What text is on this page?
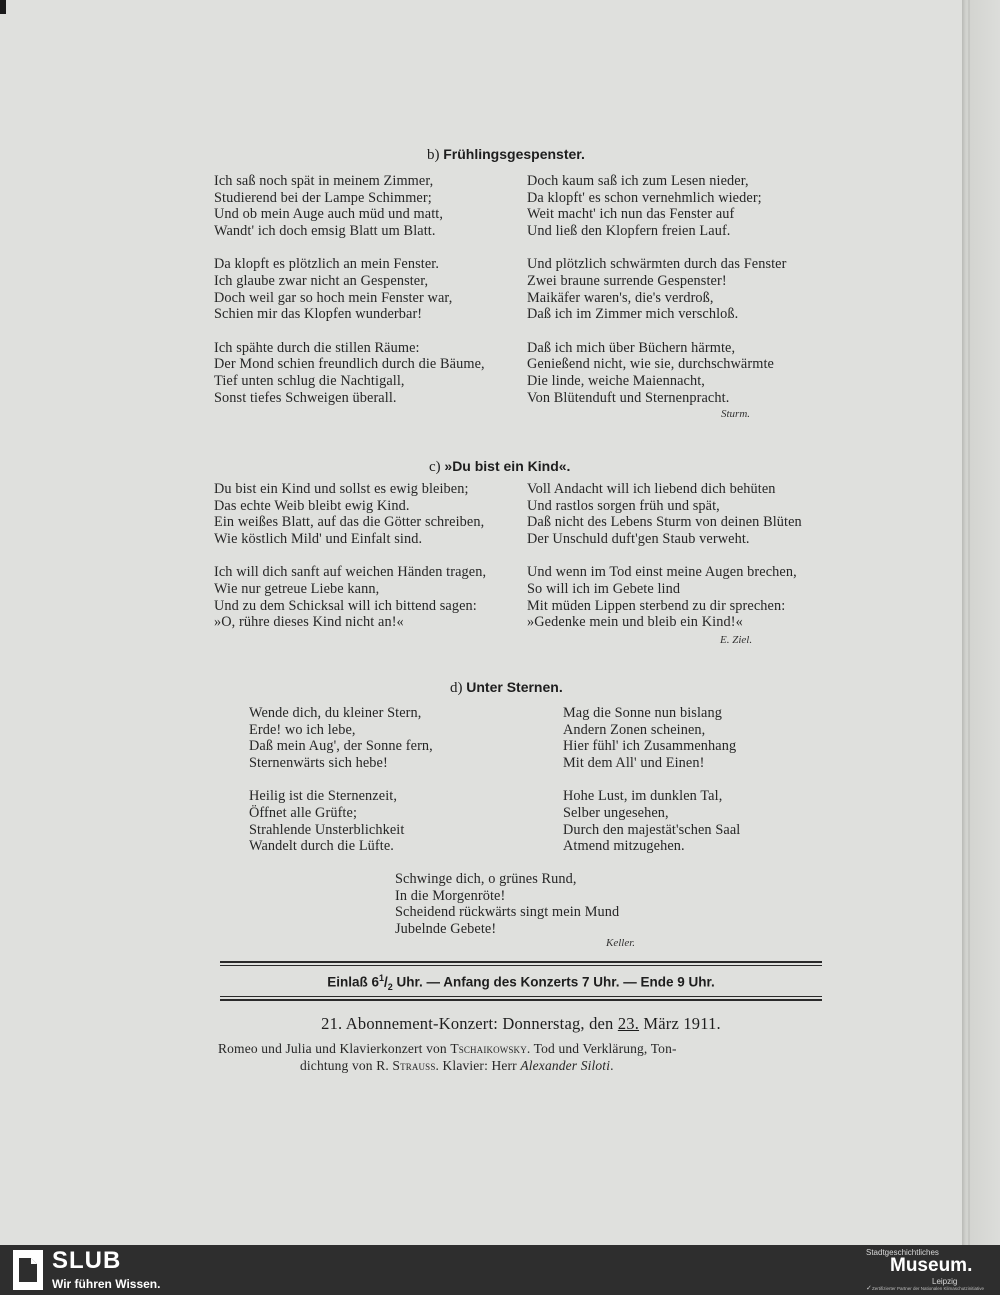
b) Frühlingsgespenster.
Ich saß noch spät in meinem Zimmer,
Studierend bei der Lampe Schimmer;
Und ob mein Auge auch müd und matt,
Wandt' ich doch emsig Blatt um Blatt.
Da klopft es plötzlich an mein Fenster.
Ich glaube zwar nicht an Gespenster,
Doch weil gar so hoch mein Fenster war,
Schien mir das Klopfen wunderbar!
Ich spähte durch die stillen Räume:
Der Mond schien freundlich durch die Bäume,
Tief unten schlug die Nachtigall,
Sonst tiefes Schweigen überall.
Doch kaum saß ich zum Lesen nieder,
Da klopft' es schon vernehmlich wieder;
Weit macht' ich nun das Fenster auf
Und ließ den Klopfern freien Lauf.
Und plötzlich schwärmten durch das Fenster
Zwei braune surrende Gespenster!
Maikäfer waren's, die's verdroß,
Daß ich im Zimmer mich verschloß.
Daß ich mich über Büchern härmte,
Genießend nicht, wie sie, durchschwärmte
Die linde, weiche Maiennacht,
Von Blütenduft und Sternenpracht.
Sturm.
c) »Du bist ein Kind«.
Du bist ein Kind und sollst es ewig bleiben;
Das echte Weib bleibt ewig Kind.
Ein weißes Blatt, auf das die Götter schreiben,
Wie köstlich Mild' und Einfalt sind.
Ich will dich sanft auf weichen Händen tragen,
Wie nur getreue Liebe kann,
Und zu dem Schicksal will ich bittend sagen:
»O, rühre dieses Kind nicht an!«
Voll Andacht will ich liebend dich behüten
Und rastlos sorgen früh und spät,
Daß nicht des Lebens Sturm von deinen Blüten
Der Unschuld duft'gen Staub verweht.
Und wenn im Tod einst meine Augen brechen,
So will ich im Gebete lind
Mit müden Lippen sterbend zu dir sprechen:
»Gedenke mein und bleib ein Kind!«
E. Ziel.
d) Unter Sternen.
Wende dich, du kleiner Stern,
Erde! wo ich lebe,
Daß mein Aug', der Sonne fern,
Sternenwärts sich hebe!
Heilig ist die Sternenzeit,
Öffnet alle Grüfte;
Strahlende Unsterblichkeit
Wandelt durch die Lüfte.
Mag die Sonne nun bislang
Andern Zonen scheinen,
Hier fühl' ich Zusammenhang
Mit dem All' und Einen!
Hohe Lust, im dunklen Tal,
Selber ungesehen,
Durch den majestät'schen Saal
Atmend mitzugehen.
Schwinge dich, o grünes Rund,
In die Morgenröte!
Scheidend rückwärts singt mein Mund
Jubelnde Gebete!
Keller.
Einlaß $6^1/_2$ Uhr. — Anfang des Konzerts 7 Uhr. — Ende 9 Uhr.
21. Abonnement-Konzert: Donnerstag, den 23. März 1911.
Romeo und Julia und Klavierkonzert von Tschaikowsky. Tod und Verklärung, Ton-
dichtung von R. Strauss. Klavier: Herr Alexander Siloti.
SLUB
Wir führen Wissen.
Stadtgeschichtliches
Museum.
Leipzig
✓ Zertifizierter Partner der Nationalen Klimaschutzinitiative
